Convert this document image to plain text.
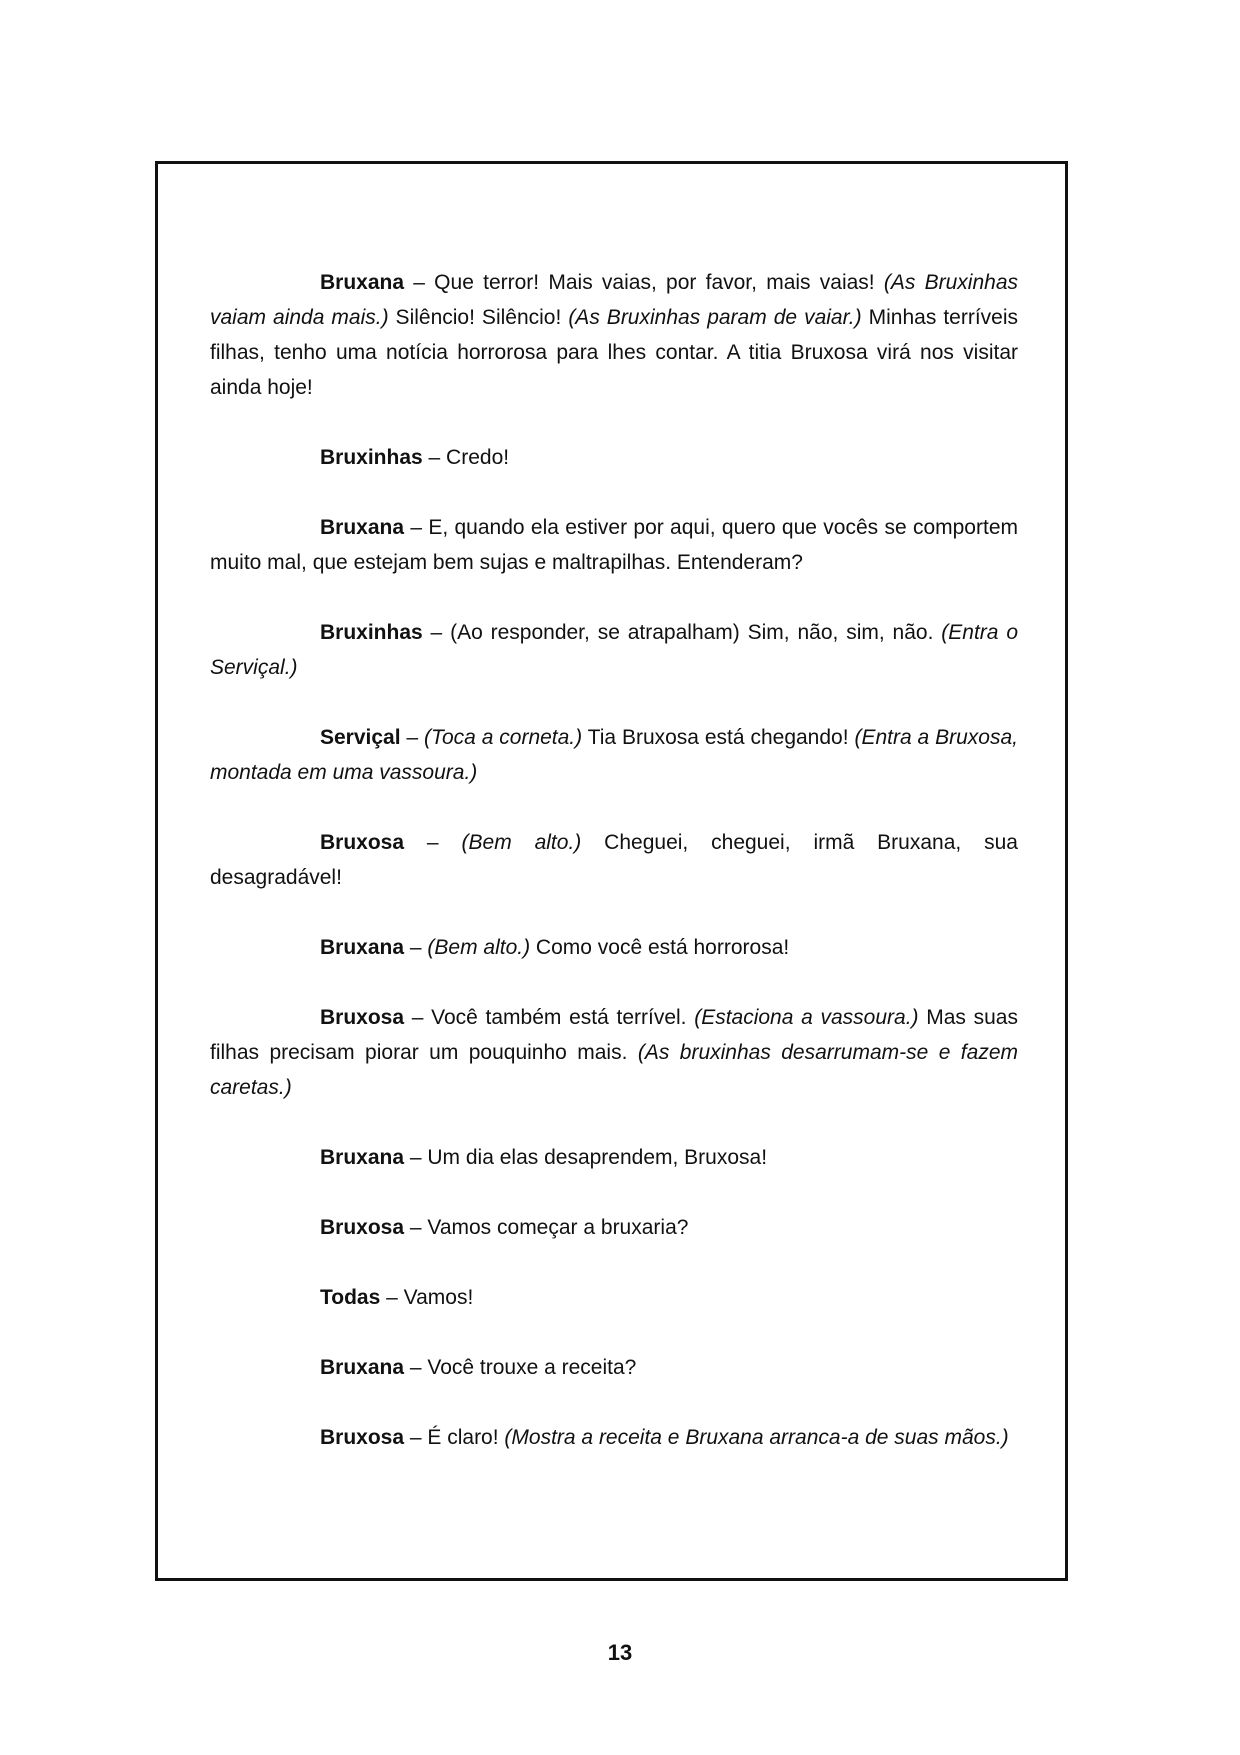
Bruxana – Que terror! Mais vaias, por favor, mais vaias! (As Bruxinhas vaiam ainda mais.) Silêncio! Silêncio! (As Bruxinhas param de vaiar.) Minhas terríveis filhas, tenho uma notícia horrorosa para lhes contar. A titia Bruxosa virá nos visitar ainda hoje!

Bruxinhas – Credo!

Bruxana – E, quando ela estiver por aqui, quero que vocês se comportem muito mal, que estejam bem sujas e maltrapilhas. Entenderam?

Bruxinhas – (Ao responder, se atrapalham) Sim, não, sim, não. (Entra o Serviçal.)

Serviçal – (Toca a corneta.) Tia Bruxosa está chegando! (Entra a Bruxosa, montada em uma vassoura.)

Bruxosa – (Bem alto.) Cheguei, cheguei, irmã Bruxana, sua desagradável!

Bruxana – (Bem alto.) Como você está horrorosa!

Bruxosa – Você também está terrível. (Estaciona a vassoura.) Mas suas filhas precisam piorar um pouquinho mais. (As bruxinhas desarrumam-se e fazem caretas.)

Bruxana – Um dia elas desaprendem, Bruxosa!

Bruxosa – Vamos começar a bruxaria?

Todas – Vamos!

Bruxana – Você trouxe a receita?

Bruxosa – É claro! (Mostra a receita e Bruxana arranca-a de suas mãos.)

13
